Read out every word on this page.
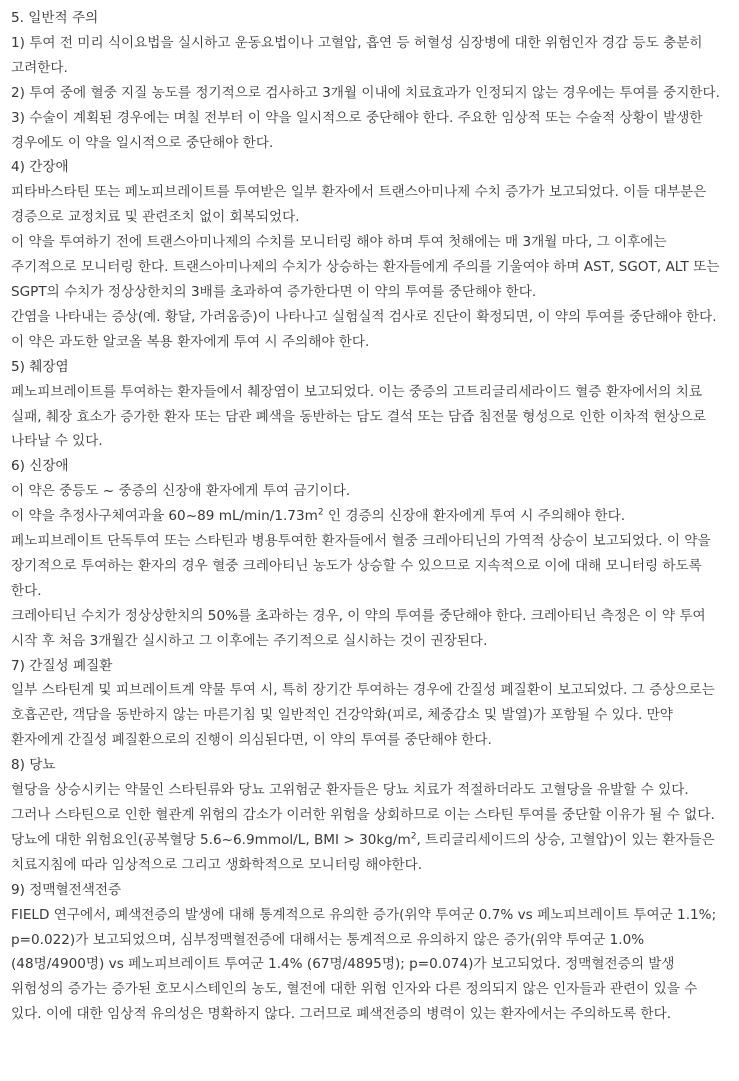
5. 일반적 주의
1) 투여 전 미리 식이요법을 실시하고 운동요법이나 고혈압, 흡연 등 허혈성 심장병에 대한 위험인자 경감 등도 충분히 고려한다.
2) 투여 중에 혈중 지질 농도를 정기적으로 검사하고 3개월 이내에 치료효과가 인정되지 않는 경우에는 투여를 중지한다.
3) 수술이 계획된 경우에는 며칠 전부터 이 약을 일시적으로 중단해야 한다. 주요한 임상적 또는 수술적 상황이 발생한 경우에도 이 약을 일시적으로 중단해야 한다.
4) 간장애
피타바스타틴 또는 페노피브레이트를 투여받은 일부 환자에서 트랜스아미나제 수치 증가가 보고되었다. 이들 대부분은 경증으로 교정치료 및 관련조치 없이 회복되었다.
이 약을 투여하기 전에 트랜스아미나제의 수치를 모니터링 해야 하며 투여 첫해에는 매 3개월 마다, 그 이후에는 주기적으로 모니터링 한다. 트랜스아미나제의 수치가 상승하는 환자들에게 주의를 기울여야 하며 AST, SGOT, ALT 또는 SGPT의 수치가 정상상한치의 3배를 초과하여 증가한다면 이 약의 투여를 중단해야 한다.
간염을 나타내는 증상(예. 황달, 가려움증)이 나타나고 실험실적 검사로 진단이 확정되면, 이 약의 투여를 중단해야 한다.
이 약은 과도한 알코올 복용 환자에게 투여 시 주의해야 한다.
5) 췌장염
페노피브레이트를 투여하는 환자들에서 췌장염이 보고되었다. 이는 중증의 고트리글리세라이드 혈증 환자에서의 치료 실패, 췌장 효소가 증가한 환자 또는 담관 폐색을 동반하는 담도 결석 또는 담즙 침전물 형성으로 인한 이차적 현상으로 나타날 수 있다.
6) 신장애
이 약은 중등도 ~ 중증의 신장애 환자에게 투여 금기이다.
이 약을 추정사구체여과율 60~89 $mL/\min/1.73m^2$ 인 경증의 신장애 환자에게 투여 시 주의해야 한다.
페노피브레이트 단독투여 또는 스타틴과 병용투여한 환자들에서 혈중 크레아티닌의 가역적 상승이 보고되었다. 이 약을 장기적으로 투여하는 환자의 경우 혈중 크레아티닌 농도가 상승할 수 있으므로 지속적으로 이에 대해 모니터링 하도록 한다.
크레아티닌 수치가 정상상한치의 50%를 초과하는 경우, 이 약의 투여를 중단해야 한다. 크레아티닌 측정은 이 약 투여 시작 후 처음 3개월간 실시하고 그 이후에는 주기적으로 실시하는 것이 권장된다.
7) 간질성 폐질환
일부 스타틴계 및 피브레이트계 약물 투여 시, 특히 장기간 투여하는 경우에 간질성 폐질환이 보고되었다. 그 증상으로는 호흡곤란, 객담을 동반하지 않는 마른기침 및 일반적인 건강악화(피로, 체중감소 및 발열)가 포함될 수 있다. 만약 환자에게 간질성 폐질환으로의 진행이 의심된다면, 이 약의 투여를 중단해야 한다.
8) 당뇨
혈당을 상승시키는 약물인 스타틴류와 당뇨 고위험군 환자들은 당뇨 치료가 적절하더라도 고혈당을 유발할 수 있다. 그러나 스타틴으로 인한 혈관계 위험의 감소가 이러한 위험을 상회하므로 이는 스타틴 투여를 중단할 이유가 될 수 없다. 당뇨에 대한 위험요인(공복혈당 5.6~6.9mmol/L, BMI > $30kg/m^2$, 트리글리세이드의 상승, 고혈압)이 있는 환자들은 치료지침에 따라 임상적으로 그리고 생화학적으로 모니터링 해야한다.
9) 정맥혈전색전증
FIELD 연구에서, 폐색전증의 발생에 대해 통계적으로 유의한 증가(위약 투여군 0.7% vs 페노피브레이트 투여군 1.1%; p=0.022)가 보고되었으며, 심부정맥혈전증에 대해서는 통계적으로 유의하지 않은 증가(위약 투여군 1.0%(48명/4900명) vs 페노피브레이트 투여군 1.4% (67명/4895명); p=0.074)가 보고되었다. 정맥혈전증의 발생 위험성의 증가는 증가된 호모시스테인의 농도, 혈전에 대한 위험 인자와 다른 정의되지 않은 인자들과 관련이 있을 수 있다. 이에 대한 임상적 유의성은 명확하지 않다. 그러므로 폐색전증의 병력이 있는 환자에서는 주의하도록 한다.
